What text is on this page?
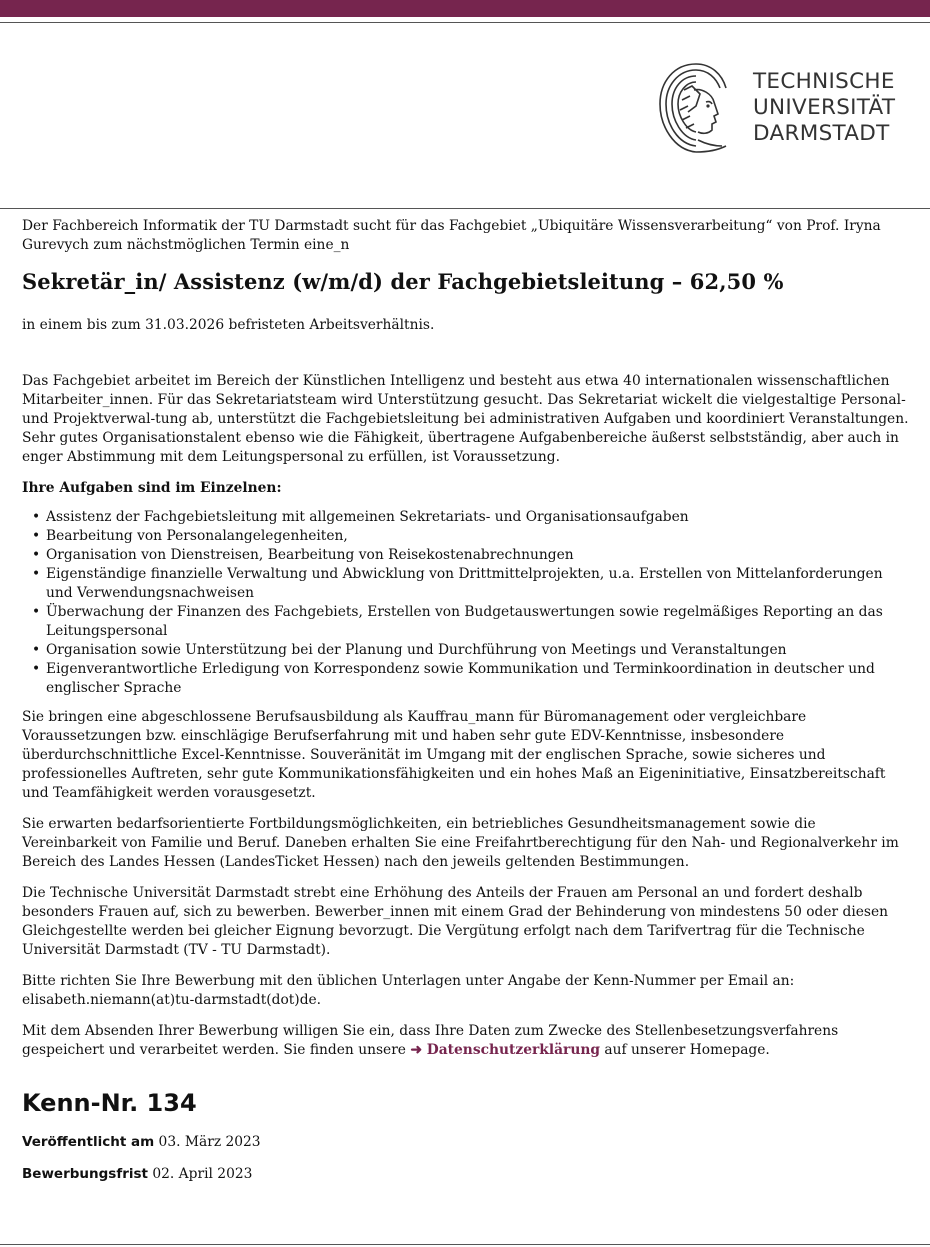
TECHNISCHE
UNIVERSITÄT
DARMSTADT

Der Fachbereich Informatik der TU Darmstadt sucht für das Fachgebiet „Ubiquitäre Wissensverarbeitung“ von Prof. Iryna Gurevych zum nächstmöglichen Termin eine_n

Sekretär_in/ Assistenz (w/m/d) der Fachgebietsleitung – 62,50 %

in einem bis zum 31.03.2026 befristeten Arbeitsverhältnis.

Das Fachgebiet arbeitet im Bereich der Künstlichen Intelligenz und besteht aus etwa 40 internationalen wissenschaftlichen Mitarbeiter_innen. Für das Sekretariatsteam wird Unterstützung gesucht. Das Sekretariat wickelt die vielgestaltige Personal- und Projektverwal-tung ab, unterstützt die Fachgebietsleitung bei administrativen Aufgaben und koordiniert Veranstaltungen. Sehr gutes Organisationstalent ebenso wie die Fähigkeit, übertragene Aufgabenbereiche äußerst selbstständig, aber auch in enger Abstimmung mit dem Leitungspersonal zu erfüllen, ist Voraussetzung.

Ihre Aufgaben sind im Einzelnen:

• Assistenz der Fachgebietsleitung mit allgemeinen Sekretariats- und Organisationsaufgaben
• Bearbeitung von Personalangelegenheiten,
• Organisation von Dienstreisen, Bearbeitung von Reisekostenabrechnungen
• Eigenständige finanzielle Verwaltung und Abwicklung von Drittmittelprojekten, u.a. Erstellen von Mittelanforderungen und Verwendungsnachweisen
• Überwachung der Finanzen des Fachgebiets, Erstellen von Budgetauswertungen sowie regelmäßiges Reporting an das Leitungspersonal
• Organisation sowie Unterstützung bei der Planung und Durchführung von Meetings und Veranstaltungen
• Eigenverantwortliche Erledigung von Korrespondenz sowie Kommunikation und Terminkoordination in deutscher und englischer Sprache

Sie bringen eine abgeschlossene Berufsausbildung als Kauffrau_mann für Büromanagement oder vergleichbare Voraussetzungen bzw. einschlägige Berufserfahrung mit und haben sehr gute EDV-Kenntnisse, insbesondere überdurchschnittliche Excel-Kenntnisse. Souveränität im Umgang mit der englischen Sprache, sowie sicheres und professionelles Auftreten, sehr gute Kommunikationsfähigkeiten und ein hohes Maß an Eigeninitiative, Einsatzbereitschaft und Teamfähigkeit werden vorausgesetzt.

Sie erwarten bedarfsorientierte Fortbildungsmöglichkeiten, ein betriebliches Gesundheitsmanagement sowie die Vereinbarkeit von Familie und Beruf. Daneben erhalten Sie eine Freifahrtberechtigung für den Nah- und Regionalverkehr im Bereich des Landes Hessen (LandesTicket Hessen) nach den jeweils geltenden Bestimmungen.

Die Technische Universität Darmstadt strebt eine Erhöhung des Anteils der Frauen am Personal an und fordert deshalb besonders Frauen auf, sich zu bewerben. Bewerber_innen mit einem Grad der Behinderung von mindestens 50 oder diesen Gleichgestellte werden bei gleicher Eignung bevorzugt. Die Vergütung erfolgt nach dem Tarifvertrag für die Technische Universität Darmstadt (TV - TU Darmstadt).

Bitte richten Sie Ihre Bewerbung mit den üblichen Unterlagen unter Angabe der Kenn-Nummer per Email an: elisabeth.niemann(at)tu-darmstadt(dot)de.

Mit dem Absenden Ihrer Bewerbung willigen Sie ein, dass Ihre Daten zum Zwecke des Stellenbesetzungsverfahrens gespeichert und verarbeitet werden. Sie finden unsere ➜ Datenschutzerklärung auf unserer Homepage.

Kenn-Nr. 134

Veröffentlicht am 03. März 2023

Bewerbungsfrist 02. April 2023
